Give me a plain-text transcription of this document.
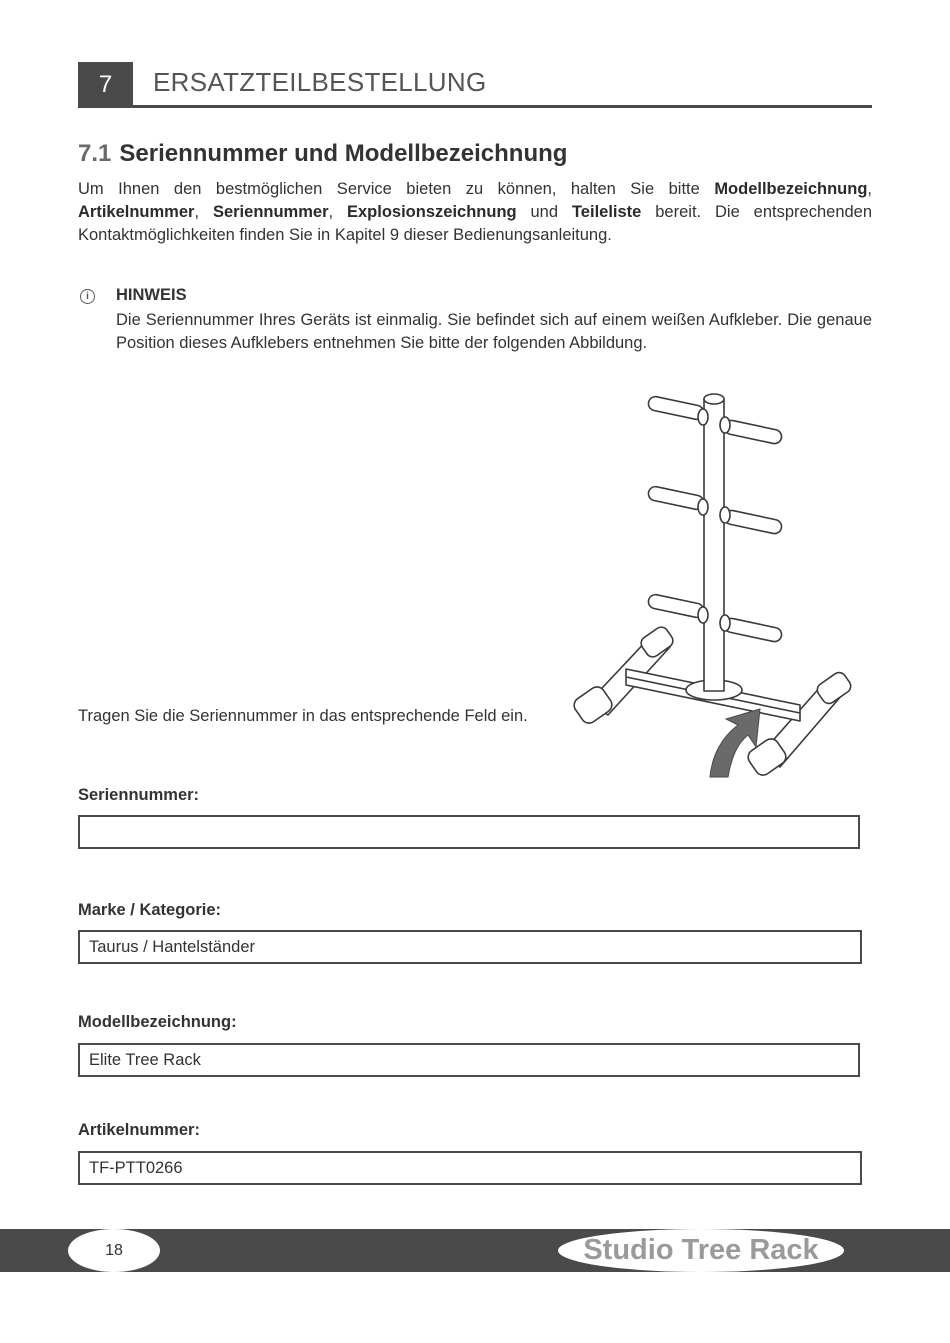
7	ERSATZTEILBESTELLUNG
7.1 Seriennummer und Modellbezeichnung
Um Ihnen den bestmöglichen Service bieten zu können, halten Sie bitte Modellbezeichnung, Artikelnummer, Seriennummer, Explosionszeichnung und Teileliste bereit. Die entsprechenden Kontaktmöglichkeiten finden Sie in Kapitel 9 dieser Bedienungsanleitung.
i	HINWEIS
Die Seriennummer Ihres Geräts ist einmalig. Sie befindet sich auf einem weißen Aufkleber. Die genaue Position dieses Aufklebers entnehmen Sie bitte der folgenden Abbildung.
Tragen Sie die Seriennummer in das entsprechende Feld ein.
Seriennummer:
Marke / Kategorie:
Taurus / Hantelständer
Modellbezeichnung:
Elite Tree Rack
Artikelnummer:
TF-PTT0266
18	Studio Tree Rack
